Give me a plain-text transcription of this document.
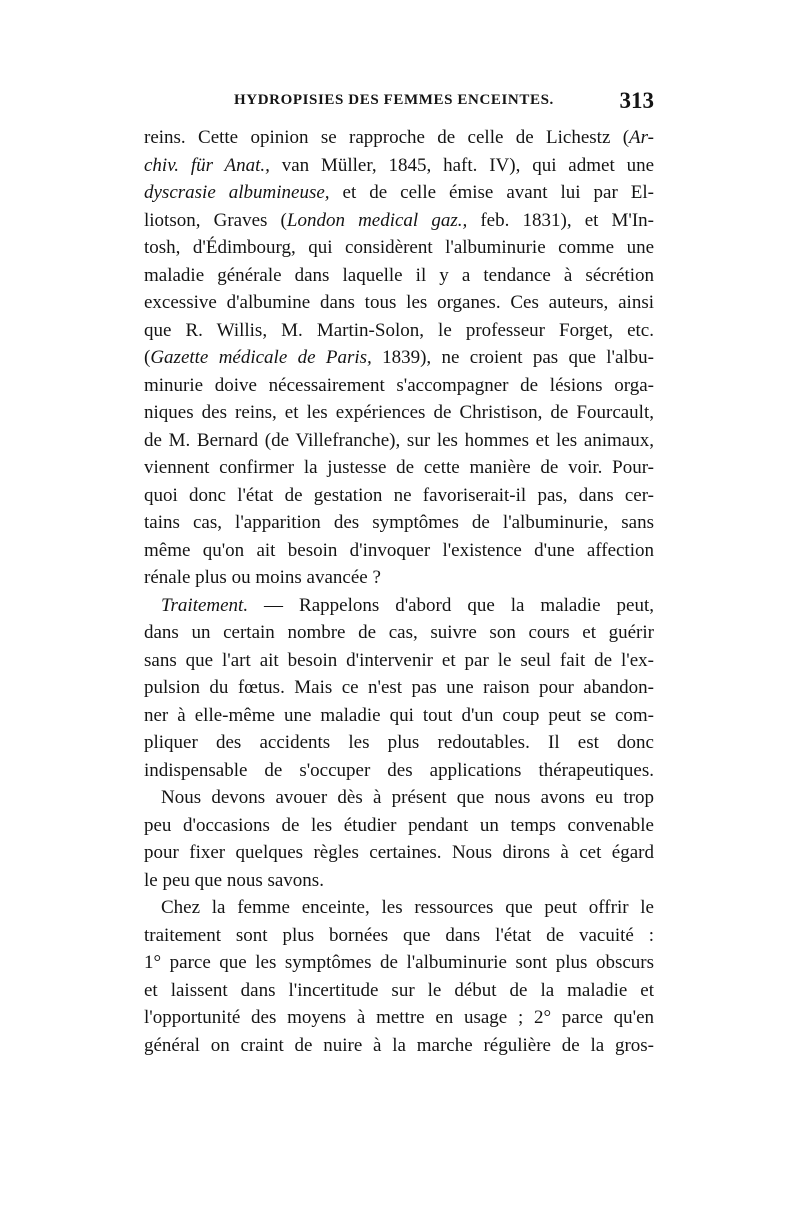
HYDROPISIES DES FEMMES ENCEINTES.	313
reins. Cette opinion se rapproche de celle de Lichestz (Ar-
chiv. für Anat., van Müller, 1845, haft. IV), qui admet une
dyscrasie albumineuse, et de celle émise avant lui par El-
liotson, Graves (London medical gaz., feb. 1831), et M'In-
tosh, d'Édimbourg, qui considèrent l'albuminurie comme une
maladie générale dans laquelle il y a tendance à sécrétion
excessive d'albumine dans tous les organes. Ces auteurs, ainsi
que R. Willis, M. Martin-Solon, le professeur Forget, etc.
(Gazette médicale de Paris, 1839), ne croient pas que l'albu-
minurie doive nécessairement s'accompagner de lésions orga-
niques des reins, et les expériences de Christison, de Fourcault,
de M. Bernard (de Villefranche), sur les hommes et les animaux,
viennent confirmer la justesse de cette manière de voir. Pour-
quoi donc l'état de gestation ne favoriserait-il pas, dans cer-
tains cas, l'apparition des symptômes de l'albuminurie, sans
même qu'on ait besoin d'invoquer l'existence d'une affection
rénale plus ou moins avancée ?
Traitement. — Rappelons d'abord que la maladie peut,
dans un certain nombre de cas, suivre son cours et guérir
sans que l'art ait besoin d'intervenir et par le seul fait de l'ex-
pulsion du fœtus. Mais ce n'est pas une raison pour abandon-
ner à elle-même une maladie qui tout d'un coup peut se com-
pliquer des accidents les plus redoutables. Il est donc
indispensable de s'occuper des applications thérapeutiques.
Nous devons avouer dès à présent que nous avons eu trop
peu d'occasions de les étudier pendant un temps convenable
pour fixer quelques règles certaines. Nous dirons à cet égard
le peu que nous savons.
Chez la femme enceinte, les ressources que peut offrir le
traitement sont plus bornées que dans l'état de vacuité :
1° parce que les symptômes de l'albuminurie sont plus obscurs
et laissent dans l'incertitude sur le début de la maladie et
l'opportunité des moyens à mettre en usage ; 2° parce qu'en
général on craint de nuire à la marche régulière de la gros-
